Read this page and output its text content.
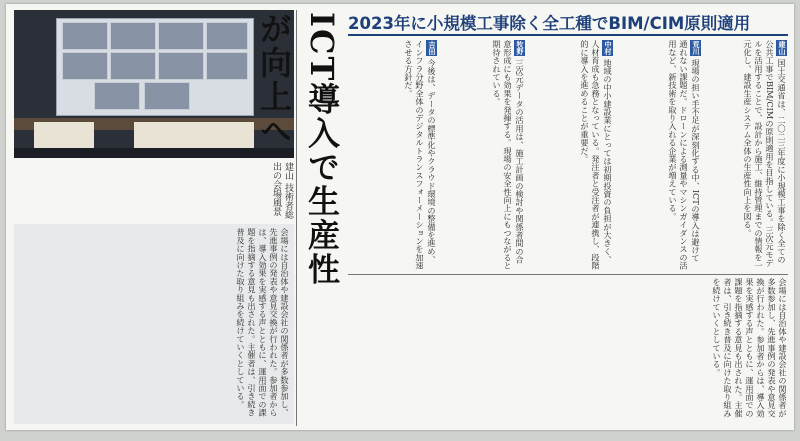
建山 技術者総出の会場風景 ICT導入で生産性が向上へ	2023年に小規模工事除く全工種でBIM/CIM原則適用
建山 国土交通省は、二〇二三年度に小規模工事を除く全ての公共工事でBIM/CIMの原則適用を目指している。三次元モデルを活用することで、設計から施工、維持管理までの情報を一元化し、建設生産システム全体の生産性向上を図る。
荒川 現場の担い手不足が深刻化する中、ICTの導入は避けて通れない課題だ。ドローンによる測量やマシンガイダンスの活用など、新技術を取り入れる企業が増えている。
中村 地域の中小建設業にとっては初期投資の負担が大きく、人材育成も急務となっている。発注者と受注者が連携し、段階的に導入を進めることが重要だ。
牧野 三次元データの活用は、施工計画の検討や関係者間の合意形成にも効果を発揮する。現場の安全性向上にもつながると期待されている。
吉田 今後は、データの標準化やクラウド環境の整備を進め、インフラ分野全体のデジタルトランスフォーメーションを加速させる方針だ。
会場には自治体や建設会社の関係者が多数参加し、先進事例の発表や意見交換が行われた。参加者からは、導入効果を実感する声とともに、運用面での課題を指摘する意見も出された。主催者は、引き続き普及に向けた取り組みを続けていくとしている。
会場には自治体や建設会社の関係者が多数参加し、先進事例の発表や意見交換が行われた。参加者からは、導入効果を実感する声とともに、運用面での課題を指摘する意見も出された。主催者は、引き続き普及に向けた取り組みを続けていくとしている。
